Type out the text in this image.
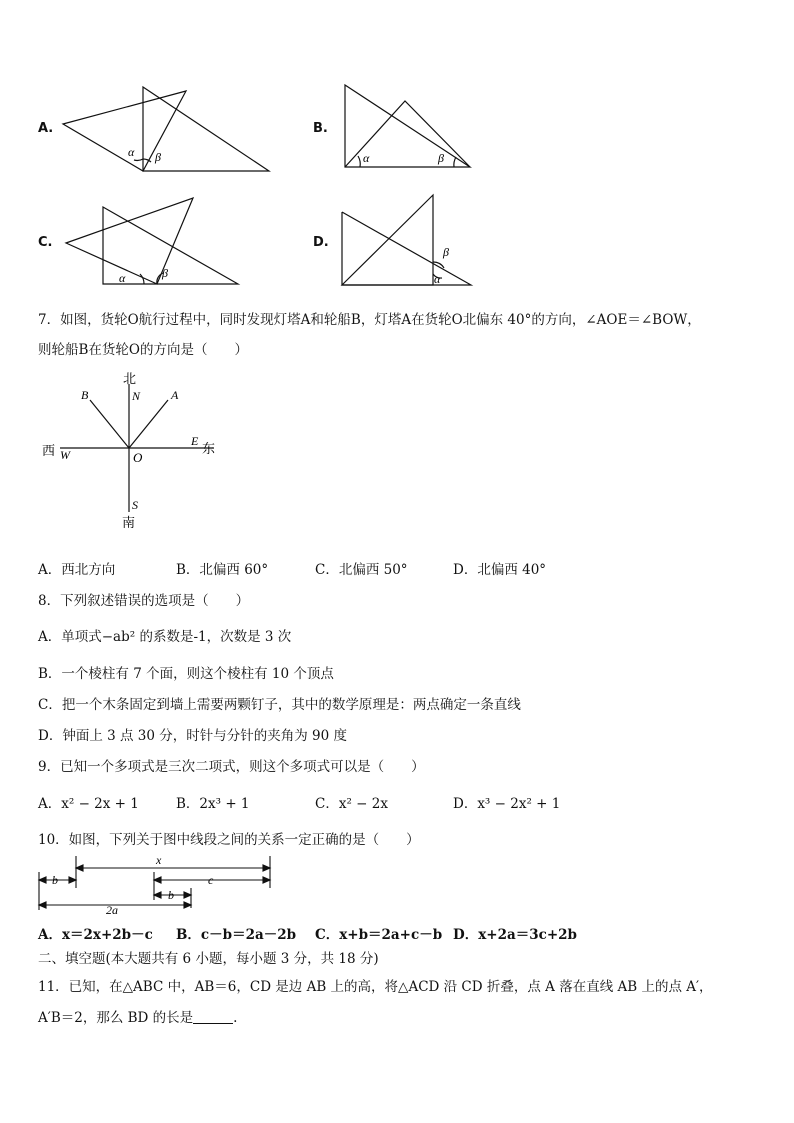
A.
α β
B.
α	β
C.
α	β
D.
β
α
7．如图，货轮O航行过程中，同时发现灯塔A和轮船B，灯塔A在货轮O北偏东 40°的方向，∠AOE＝∠BOW，
则轮船B在货轮O的方向是（　　）
北
N
B	A
西 W
E 东
O
S
南
A．西北方向	B．北偏西 60°	C．北偏西 50°	D．北偏西 40°
8．下列叙述错误的选项是（　　）
A．单项式−ab² 的系数是-1，次数是 3 次
B．一个棱柱有 7 个面，则这个棱柱有 10 个顶点
C．把一个木条固定到墙上需要两颗钉子，其中的数学原理是：两点确定一条直线
D．钟面上 3 点 30 分，时针与分针的夹角为 90 度
9．已知一个多项式是三次二项式，则这个多项式可以是（　　）
A．x² − 2x + 1	B．2x³ + 1	C．x² − 2x	D．x³ − 2x² + 1
10．如图，下列关于图中线段之间的关系一定正确的是（　　）
x
b	c
b
2a
A．x＝2x+2b－c B．c－b＝2a－2b C．x+b＝2a+c－b D．x+2a＝3c+2b
二、填空题(本大题共有 6 小题，每小题 3 分，共 18 分)
11．已知，在△ABC 中，AB＝6，CD 是边 AB 上的高，将△ACD 沿 CD 折叠，点 A 落在直线 AB 上的点 A′，
A′B＝2，那么 BD 的长是	.
